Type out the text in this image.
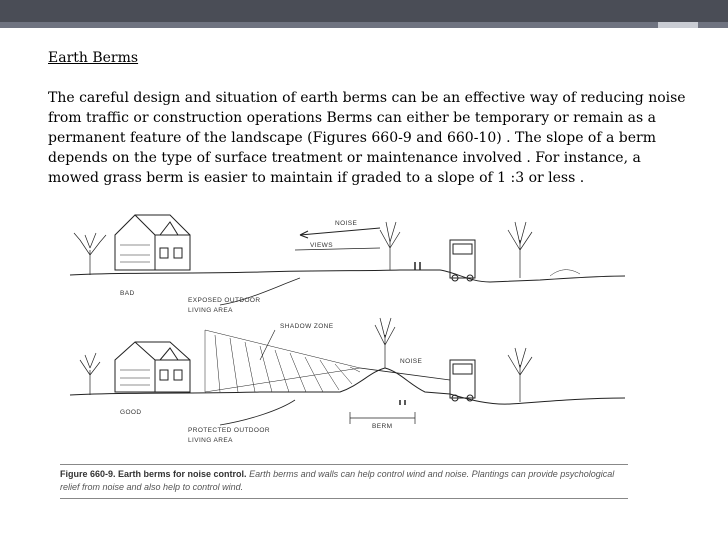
Earth Berms
The careful design and situation of earth berms can be an effective way of reducing noise from traffic or construction operations Berms can either be temporary or remain as a permanent feature of the landscape (Figures 660-9 and 660-10) . The slope of a berm depends on the type of surface treatment or maintenance involved . For instance, a mowed grass berm is easier to maintain if graded to a slope of 1 :3 or less .
NOISE
VIEWS
BAD
EXPOSED OUTDOOR
LIVING AREA
SHADOW ZONE
NOISE
GOOD
BERM
PROTECTED OUTDOOR
LIVING AREA
Figure 660-9. Earth berms for noise control. Earth berms and walls can help control wind and noise. Plantings can provide psychological relief from noise and also help to control wind.
